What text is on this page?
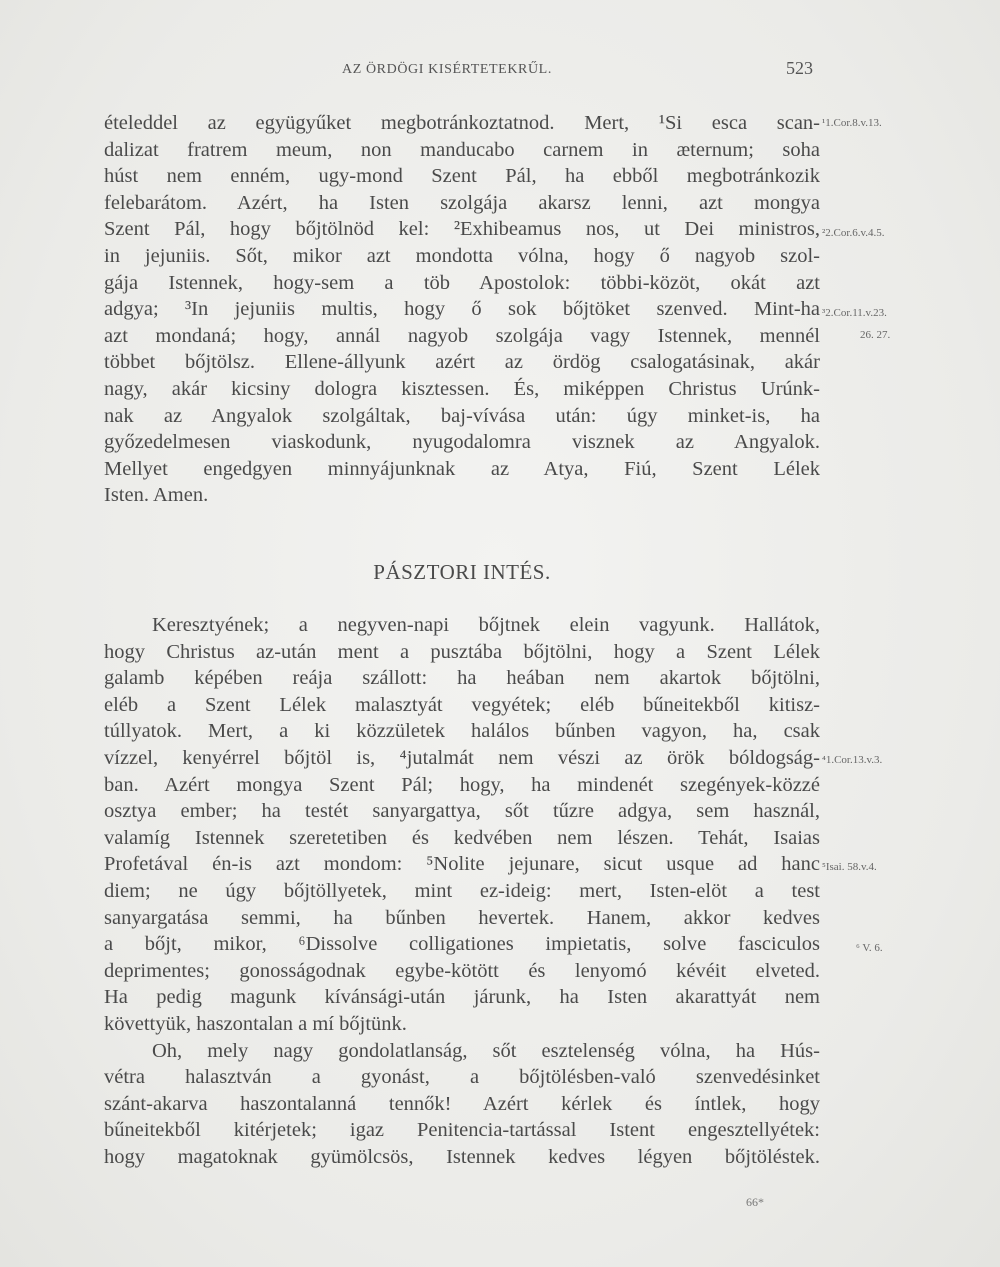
AZ ÖRDÖGI KISÉRTETEKRŰL.	523
ételeddel az együgyűket megbotránkoztatnod. Mert, ¹Si esca scan-
dalizat fratrem meum, non manducabo carnem in æternum; soha
húst nem enném, ugy-mond Szent Pál, ha ebből megbotránkozik
felebarátom. Azért, ha Isten szolgája akarsz lenni, azt mongya
Szent Pál, hogy bőjtölnöd kel: ²Exhibeamus nos, ut Dei ministros,
in jejuniis. Sőt, mikor azt mondotta vólna, hogy ő nagyob szol-
gája Istennek, hogy-sem a töb Apostolok: többi-közöt, okát azt
adgya; ³In jejuniis multis, hogy ő sok bőjtöket szenved. Mint-ha
azt mondaná; hogy, annál nagyob szolgája vagy Istennek, mennél
többet bőjtölsz. Ellene-állyunk azért az ördög csalogatásinak, akár
nagy, akár kicsiny dologra kisztessen. És, miképpen Christus Urúnk-
nak az Angyalok szolgáltak, baj-vívása után: úgy minket-is, ha
győzedelmesen viaskodunk, nyugodalomra visznek az Angyalok.
Mellyet engedgyen minnyájunknak az Atya, Fiú, Szent Lélek
Isten. Amen.
PÁSZTORI INTÉS.
Keresztyének; a negyven-napi bőjtnek elein vagyunk. Hallátok,
hogy Christus az-után ment a pusztába bőjtölni, hogy a Szent Lélek
galamb képében reája szállott: ha heában nem akartok bőjtölni,
eléb a Szent Lélek malasztyát vegyétek; eléb bűneitekből kitisz-
túllyatok. Mert, a ki közzületek halálos bűnben vagyon, ha, csak
vízzel, kenyérrel bőjtöl is, ⁴jutalmát nem vészi az örök bóldogság-
ban. Azért mongya Szent Pál; hogy, ha mindenét szegények-közzé
osztya ember; ha testét sanyargattya, sőt tűzre adgya, sem használ,
valamíg Istennek szeretetiben és kedvében nem lészen. Tehát, Isaias
Profetával én-is azt mondom: ⁵Nolite jejunare, sicut usque ad hanc
diem; ne úgy bőjtöllyetek, mint ez-ideig: mert, Isten-elöt a test
sanyargatása semmi, ha bűnben hevertek. Hanem, akkor kedves
a bőjt, mikor, ⁶Dissolve colligationes impietatis, solve fasciculos
deprimentes; gonosságodnak egybe-kötött és lenyomó kévéit elveted.
Ha pedig magunk kívánsági-után járunk, ha Isten akarattyát nem
követtyük, haszontalan a mí bőjtünk.
Oh, mely nagy gondolatlanság, sőt esztelenség vólna, ha Hús-
vétra halasztván a gyonást, a bőjtölésben-való szenvedésinket
szánt-akarva haszontalanná tennők! Azért kérlek és íntlek, hogy
bűneitekből kitérjetek; igaz Penitencia-tartással Istent engesztellyétek:
hogy magatoknak gyümölcsös, Istennek kedves légyen bőjtöléstek.
¹1.Cor.8.v.13.
²2.Cor.6.v.4.5.
³2.Cor.11.v.23.
26. 27.
⁴1.Cor.13.v.3.
⁵Isai. 58.v.4.
⁶ V. 6.
66*
